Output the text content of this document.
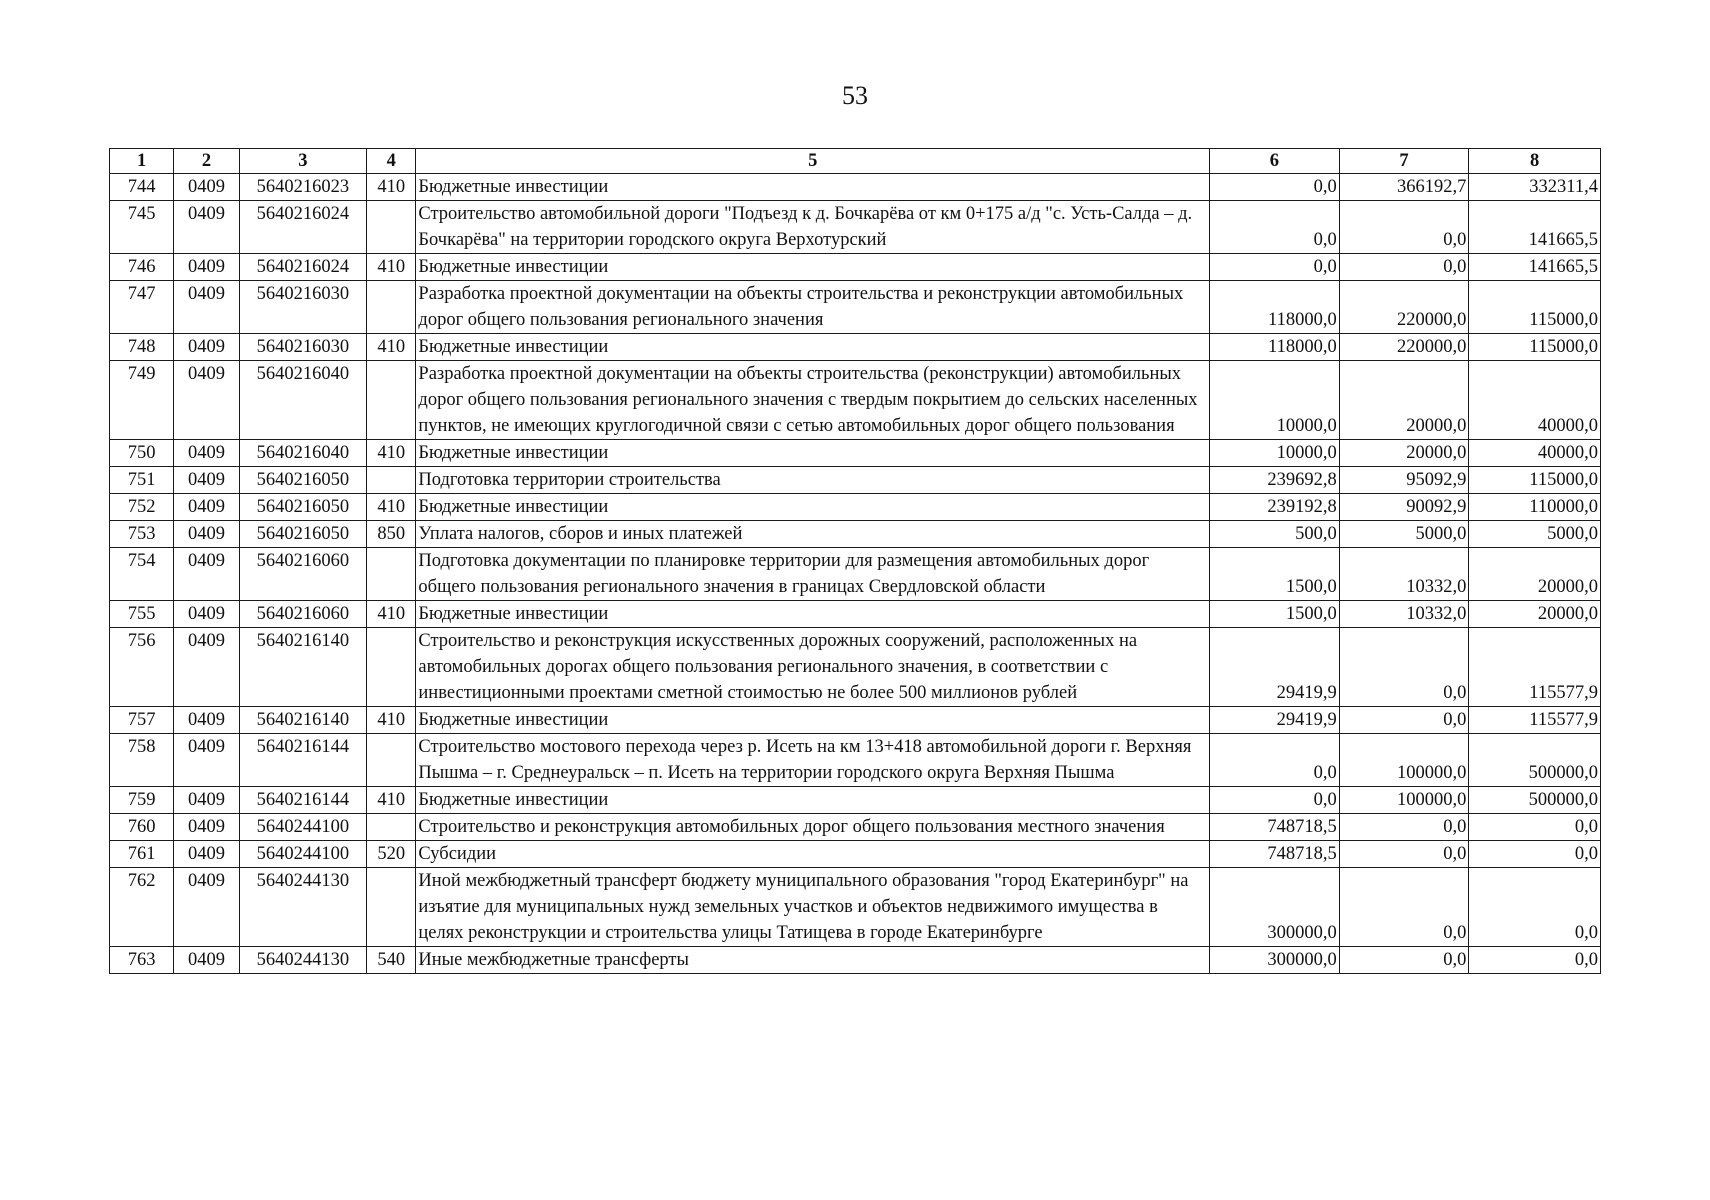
53
1	2	3	4	5	6	7	8
744	0409	5640216023	410	Бюджетные инвестиции	0,0	366192,7	332311,4
745	0409	5640216024		Строительство автомобильной дороги "Подъезд к д. Бочкарёва от км 0+175 а/д "с. Усть-Салда – д. Бочкарёва" на территории городского округа Верхотурский	0,0	0,0	141665,5
746	0409	5640216024	410	Бюджетные инвестиции	0,0	0,0	141665,5
747	0409	5640216030		Разработка проектной документации на объекты строительства и реконструкции автомобильных дорог общего пользования регионального значения	118000,0	220000,0	115000,0
748	0409	5640216030	410	Бюджетные инвестиции	118000,0	220000,0	115000,0
749	0409	5640216040		Разработка проектной документации на объекты строительства (реконструкции) автомобильных дорог общего пользования регионального значения с твердым покрытием до сельских населенных пунктов, не имеющих круглогодичной связи с сетью автомобильных дорог общего пользования	10000,0	20000,0	40000,0
750	0409	5640216040	410	Бюджетные инвестиции	10000,0	20000,0	40000,0
751	0409	5640216050		Подготовка территории строительства	239692,8	95092,9	115000,0
752	0409	5640216050	410	Бюджетные инвестиции	239192,8	90092,9	110000,0
753	0409	5640216050	850	Уплата налогов, сборов и иных платежей	500,0	5000,0	5000,0
754	0409	5640216060		Подготовка документации по планировке территории для размещения автомобильных дорог общего пользования регионального значения в границах Свердловской области	1500,0	10332,0	20000,0
755	0409	5640216060	410	Бюджетные инвестиции	1500,0	10332,0	20000,0
756	0409	5640216140		Строительство и реконструкция искусственных дорожных сооружений, расположенных на автомобильных дорогах общего пользования регионального значения, в соответствии с инвестиционными проектами сметной стоимостью не более 500 миллионов рублей	29419,9	0,0	115577,9
757	0409	5640216140	410	Бюджетные инвестиции	29419,9	0,0	115577,9
758	0409	5640216144		Строительство мостового перехода через р. Исеть на км 13+418 автомобильной дороги г. Верхняя Пышма – г. Среднеуральск – п. Исеть на территории городского округа Верхняя Пышма	0,0	100000,0	500000,0
759	0409	5640216144	410	Бюджетные инвестиции	0,0	100000,0	500000,0
760	0409	5640244100		Строительство и реконструкция автомобильных дорог общего пользования местного значения	748718,5	0,0	0,0
761	0409	5640244100	520	Субсидии	748718,5	0,0	0,0
762	0409	5640244130		Иной межбюджетный трансферт бюджету муниципального образования "город Екатеринбург" на изъятие для муниципальных нужд земельных участков и объектов недвижимого имущества в целях реконструкции и строительства улицы Татищева в городе Екатеринбурге	300000,0	0,0	0,0
763	0409	5640244130	540	Иные межбюджетные трансферты	300000,0	0,0	0,0
